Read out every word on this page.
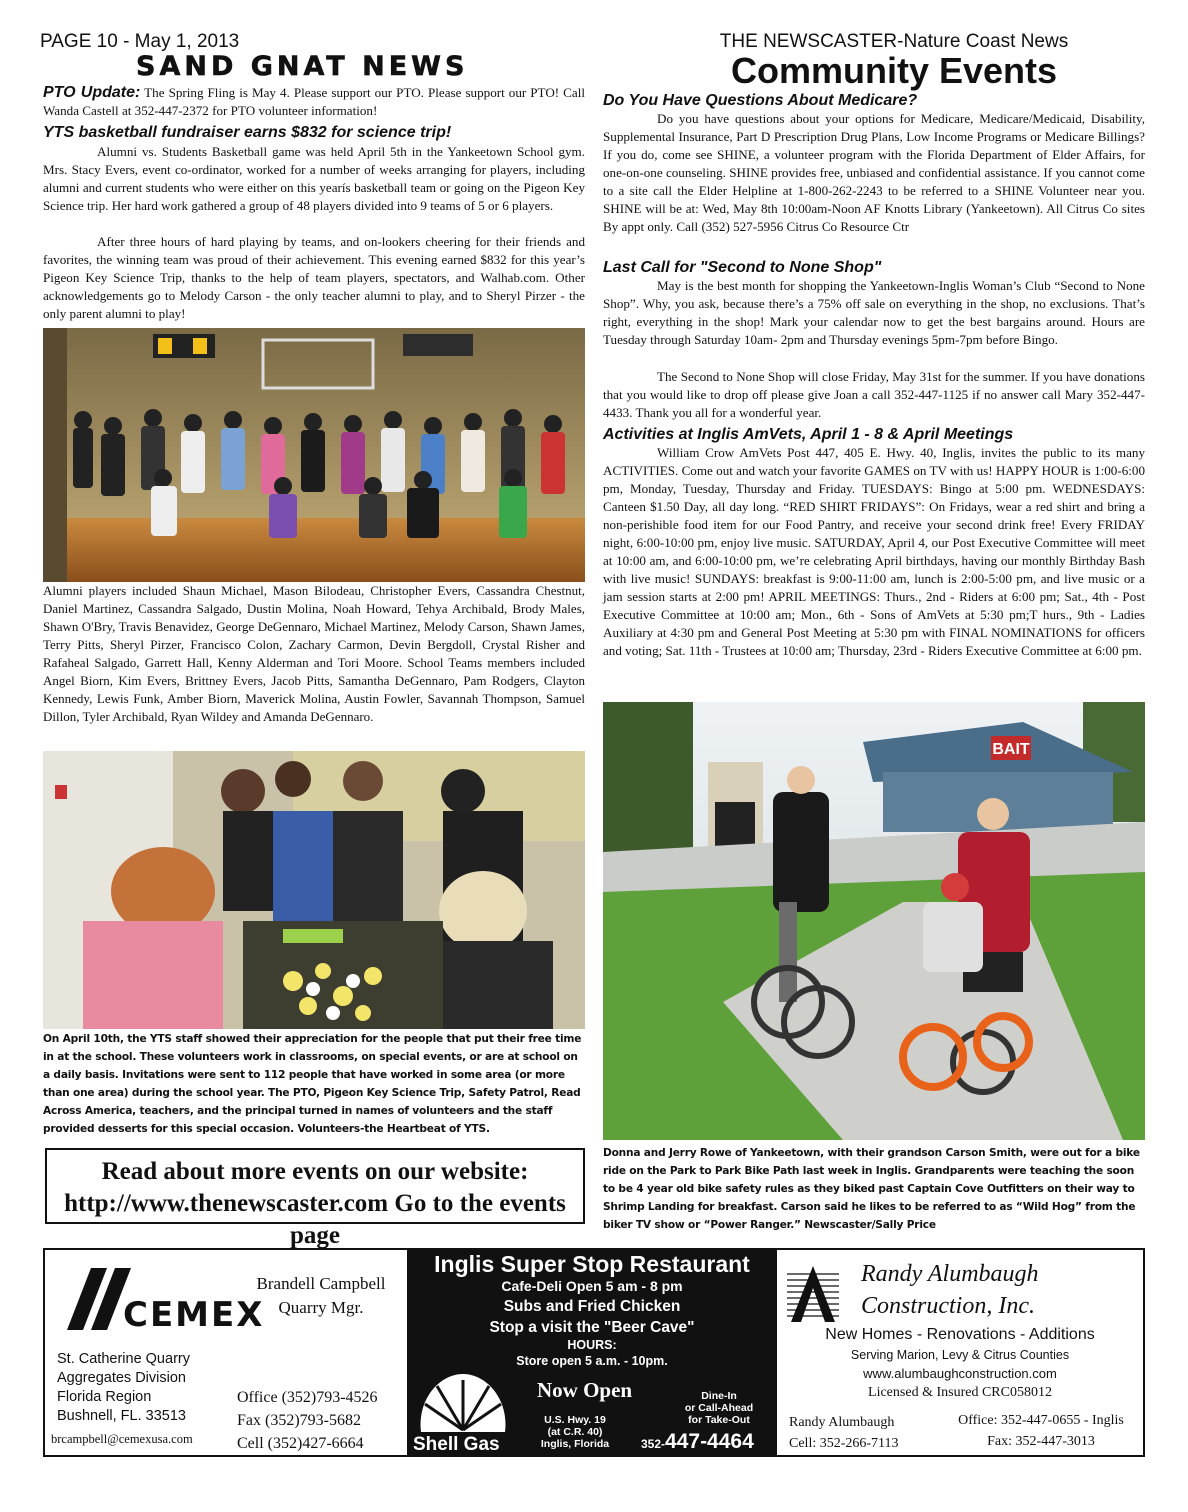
PAGE 10 - May 1, 2013
SAND GNAT NEWS
THE NEWSCASTER-Nature Coast News
Community Events
PTO Update: The Spring Fling is May 4. Please support our PTO. Please support our PTO! Call Wanda Castell at 352-447-2372 for PTO volunteer information!
YTS basketball fundraiser earns $832 for science trip!
Alumni vs. Students Basketball game was held April 5th in the Yankeetown School gym. Mrs. Stacy Evers, event co-ordinator, worked for a number of weeks arranging for players, including alumni and current students who were either on this yearís basketball team or going on the Pigeon Key Science trip. Her hard work gathered a group of 48 players divided into 9 teams of 5 or 6 players.
After three hours of hard playing by teams, and on-lookers cheering for their friends and favorites, the winning team was proud of their achievement. This evening earned $832 for this year’s Pigeon Key Science Trip, thanks to the help of team players, spectators, and Walhab.com. Other acknowledgements go to Melody Carson - the only teacher alumni to play, and to Sheryl Pirzer - the only parent alumni to play!
Alumni players included Shaun Michael, Mason Bilodeau, Christopher Evers, Cassandra Chestnut, Daniel Martinez, Cassandra Salgado, Dustin Molina, Noah Howard, Tehya Archibald, Brody Males, Shawn O'Bry, Travis Benavidez, George DeGennaro, Michael Martinez, Melody Carson, Shawn James, Terry Pitts, Sheryl Pirzer, Francisco Colon, Zachary Carmon, Devin Bergdoll, Crystal Risher and Rafaheal Salgado, Garrett Hall, Kenny Alderman and Tori Moore. School Teams members included Angel Biorn, Kim Evers, Brittney Evers, Jacob Pitts, Samantha DeGennaro, Pam Rodgers, Clayton Kennedy, Lewis Funk, Amber Biorn, Maverick Molina, Austin Fowler, Savannah Thompson, Samuel Dillon, Tyler Archibald, Ryan Wildey and Amanda DeGennaro.
On April 10th, the YTS staff showed their appreciation for the people that put their free time in at the school. These volunteers work in classrooms, on special events, or are at school on a daily basis. Invitations were sent to 112 people that have worked in some area (or more than one area) during the school year. The PTO, Pigeon Key Science Trip, Safety Patrol, Read Across America, teachers, and the principal turned in names of volunteers and the staff provided desserts for this special occasion. Volunteers-the Heartbeat of YTS.
Read about more events on our website:
http://www.thenewscaster.com Go to the events page
Do You Have Questions About Medicare?
Do you have questions about your options for Medicare, Medicare/Medicaid, Disability, Supplemental Insurance, Part D Prescription Drug Plans, Low Income Programs or Medicare Billings? If you do, come see SHINE, a volunteer program with the Florida Department of Elder Affairs, for one-on-one counseling. SHINE provides free, unbiased and confidential assistance. If you cannot come to a site call the Elder Helpline at 1-800-262-2243 to be referred to a SHINE Volunteer near you. SHINE will be at: Wed, May 8th 10:00am-Noon AF Knotts Library (Yankeetown). All Citrus Co sites By appt only. Call (352) 527-5956 Citrus Co Resource Ctr
Last Call for "Second to None Shop"
May is the best month for shopping the Yankeetown-Inglis Woman’s Club “Second to None Shop”. Why, you ask, because there’s a 75% off sale on everything in the shop, no exclusions. That’s right, everything in the shop! Mark your calendar now to get the best bargains around. Hours are Tuesday through Saturday 10am- 2pm and Thursday evenings 5pm-7pm before Bingo.
The Second to None Shop will close Friday, May 31st for the summer. If you have donations that you would like to drop off please give Joan a call 352-447-1125 if no answer call Mary 352-447-4433. Thank you all for a wonderful year.
Activities at Inglis AmVets, April 1 - 8 & April Meetings
William Crow AmVets Post 447, 405 E. Hwy. 40, Inglis, invites the public to its many ACTIVITIES. Come out and watch your favorite GAMES on TV with us! HAPPY HOUR is 1:00-6:00 pm, Monday, Tuesday, Thursday and Friday. TUESDAYS: Bingo at 5:00 pm. WEDNESDAYS: Canteen $1.50 Day, all day long. “RED SHIRT FRIDAYS”: On Fridays, wear a red shirt and bring a non-perishible food item for our Food Pantry, and receive your second drink free! Every FRIDAY night, 6:00-10:00 pm, enjoy live music. SATURDAY, April 4, our Post Executive Committee will meet at 10:00 am, and 6:00-10:00 pm, we’re celebrating April birthdays, having our monthly Birthday Bash with live music! SUNDAYS: breakfast is 9:00-11:00 am, lunch is 2:00-5:00 pm, and live music or a jam session starts at 2:00 pm! APRIL MEETINGS: Thurs., 2nd - Riders at 6:00 pm; Sat., 4th - Post Executive Committee at 10:00 am; Mon., 6th - Sons of AmVets at 5:30 pm;T hurs., 9th - Ladies Auxiliary at 4:30 pm and General Post Meeting at 5:30 pm with FINAL NOMINATIONS for officers and voting; Sat. 11th - Trustees at 10:00 am; Thursday, 23rd - Riders Executive Committee at 6:00 pm.
BAIT
Donna and Jerry Rowe of Yankeetown, with their grandson Carson Smith, were out for a bike ride on the Park to Park Bike Path last week in Inglis. Grandparents were teaching the soon to be 4 year old bike safety rules as they biked past Captain Cove Outfitters on their way to Shrimp Landing for breakfast. Carson said he likes to be referred to as “Wild Hog” from the biker TV show or “Power Ranger.” Newscaster/Sally Price
CEMEX
Brandell Campbell
Quarry Mgr.
St. Catherine Quarry
Aggregates Division
Florida Region
Bushnell, FL. 33513
brcampbell@cemexusa.com
Office (352)793-4526
Fax (352)793-5682
Cell (352)427-6664
Inglis Super Stop Restaurant
Cafe-Deli Open 5 am - 8 pm
Subs and Fried Chicken
Stop a visit the "Beer Cave"
HOURS:
Store open 5 a.m. - 10pm.
Shell Gas
Now Open
U.S. Hwy. 19
(at C.R. 40)
Inglis, Florida
Dine-In
or Call-Ahead
for Take-Out
352-447-4464
Randy Alumbaugh
Construction, Inc.
New Homes - Renovations - Additions
Serving Marion, Levy & Citrus Counties
www.alumbaughconstruction.com
Licensed & Insured CRC058012
Randy Alumbaugh
Cell: 352-266-7113
Office: 352-447-0655 - Inglis
Fax: 352-447-3013
